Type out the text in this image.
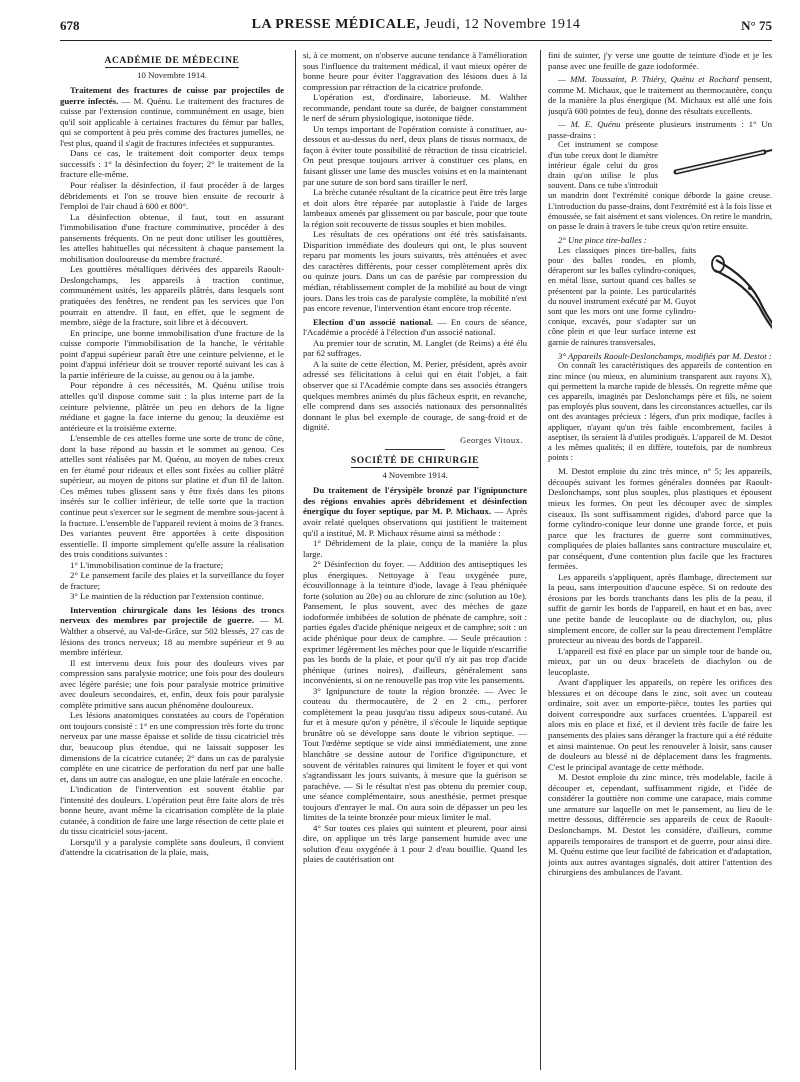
678	LA PRESSE MÉDICALE, Jeudi, 12 Novembre 1914	N° 75
ACADÉMIE DE MÉDECINE

10 Novembre 1914.

Traitement des fractures de cuisse par projectiles de guerre infectés. — M. Quénu. Le traitement des fractures de cuisse par l'extension continue, communément en usage, bien qu'il soit applicable à certaines fractures du fémur par balles, qui se comportent à peu près comme des fractures jumelles, ne l'est plus, quand il s'agit de fractures infectées et suppurantes.

Dans ce cas, le traitement doit comporter deux temps successifs : 1° la désinfection du foyer; 2° le traitement de la fracture elle-même.

Pour réaliser la désinfection, il faut procéder à de larges débridements et l'on se trouve bien ensuite de recourir à l'emploi de l'air chaud à 600 et 800°.

La désinfection obtenue, il faut, tout en assurant l'immobilisation d'une fracture comminutive, procéder à des pansements fréquents. On ne peut donc utiliser les gouttières, les attelles habituelles qui nécessitent à chaque pansement la mobilisation douloureuse du membre fracturé.

Les gouttières métalliques dérivées des appareils Raoult-Deslongchamps, les appareils à traction continue, communément usités, les appareils plâtrés, dans lesquels sont pratiquées des fenêtres, ne rendent pas les services que l'on pourrait en attendre. Il faut, en effet, que le segment de membre, siège de la fracture, soit libre et à découvert.

En principe, une bonne immobilisation d'une fracture de la cuisse comporte l'immobilisation de la hanche, le véritable point d'appui supérieur paraît être une ceinture pelvienne, et le point d'appui inférieur doit se trouver reporté suivant les cas à la partie inférieure de la cuisse, au genou ou à la jambe.

Pour répondre à ces nécessités, M. Quénu utilise trois attelles qu'il dispose comme suit : la plus interne part de la ceinture pelvienne, plâtrée un peu en dehors de la ligne médiane et gagne la face interne du genou; la deuxième est antérieure et la troisième externe.

L'ensemble de ces attelles forme une sorte de tronc de cône, dont la base répond au bassin et le sommet au genou. Ces attelles sont réalisées par M. Quénu, au moyen de tubes creux en fer étamé pour rideaux et elles sont fixées au collier plâtré supérieur, au moyen de pitons sur platine et d'un fil de laiton. Ces mêmes tubes glissent sans y être fixés dans les pitons insérés sur le collier inférieur, de telle sorte que la traction continue peut s'exercer sur le segment de membre sous-jacent à la fracture. L'ensemble de l'appareil revient à moins de 3 francs. Des variantes peuvent être apportées à cette disposition essentielle. Il importe simplement qu'elle assure la réalisation des trois conditions suivantes :

1° L'immobilisation continue de la fracture;

2° Le pansement facile des plaies et la surveillance du foyer de fracture;

3° Le maintien de la réduction par l'extension continue.

Intervention chirurgicale dans les lésions des troncs nerveux des membres par projectile de guerre. — M. Walther a observé, au Val-de-Grâce, sur 502 blessés, 27 cas de lésions des troncs nerveux; 18 au membre supérieur et 9 au membre inférieur.

Il est intervenu deux fois pour des douleurs vives par compression sans paralysie motrice; une fois pour des douleurs avec légère parésie; une fois pour paralysie motrice primitive avec douleurs secondaires, et, enfin, deux fois pour paralysie complète primitive sans aucun phénomène douloureux.

Les lésions anatomiques constatées au cours de l'opération ont toujours consisté : 1° en une compression très forte du tronc nerveux par une masse épaisse et solide de tissu cicatriciel très dur, beaucoup plus étendue, qui ne laissait supposer les dimensions de la cicatrice cutanée; 2° dans un cas de paralysie complète en une cicatrice de perforation du nerf par une balle et, dans un autre cas analogue, en une plaie latérale en encoche.

L'indication de l'intervention est souvent établie par l'intensité des douleurs. L'opération peut être faite alors de très bonne heure, avant même la cicatrisation complète de la plaie cutanée, à condition de faire une large résection de cette plaie et du tissu cicatriciel sous-jacent.

Lorsqu'il y a paralysie complète sans douleurs, il convient d'attendre la cicatrisation de la plaie, mais,

si, à ce moment, on n'observe aucune tendance à l'amélioration sous l'influence du traitement médical, il vaut mieux opérer de bonne heure pour éviter l'aggravation des lésions dues à la compression par rétraction de la cicatrice profonde.

L'opération est, d'ordinaire, laborieuse. M. Walther recommande, pendant toute sa durée, de baigner constamment le nerf de sérum physiologique, isotonique tiède.

Un temps important de l'opération consiste à constituer, au-dessous et au-dessus du nerf, deux plans de tissus normaux, de façon à éviter toute possibilité de rétraction de tissu cicatriciel. On peut presque toujours arriver à constituer ces plans, en faisant glisser une lame des muscles voisins et en la maintenant par une suture de son bord sans tirailler le nerf.

La brèche cutanée résultant de la cicatrice peut être très large et doit alors être réparée par autoplastie à l'aide de larges lambeaux amenés par glissement ou par bascule, pour que toute la région soit recouverte de tissus souples et bien mobiles.

Les résultats de ces opérations ont été très satisfaisants. Disparition immédiate des douleurs qui ont, le plus souvent reparu par moments les jours suivants, très atténuées et avec des caractères différents, pour cesser complètement après dix ou quinze jours. Dans un cas de parésie par compression du médian, rétablissement complet de la mobilité au bout de vingt jours. Dans les trois cas de paralysie complète, la mobilité n'est pas encore revenue, l'intervention étant encore trop récente.

Election d'un associé national. — En cours de séance, l'Académie a procédé à l'élection d'un associé national.

Au premier tour de scrutin, M. Langlet (de Reims) a été élu par 62 suffrages.

A la suite de cette élection, M. Perier, président, après avoir adressé ses félicitations à celui qui en était l'objet, a fait observer que si l'Académie compte dans ses associés étrangers quelques membres animés du plus fâcheux esprit, en revanche, elle comprend dans ses associés nationaux des personnalités donnant le plus bel exemple de courage, de sang-froid et de dignité.

Georges Vitoux.

SOCIÉTÉ DE CHIRURGIE

4 Novembre 1914.

Du traitement de l'érysipèle bronzé par l'ignipuncture des régions envahies après débridement et désinfection énergique du foyer septique, par M. P. Michaux. — Après avoir relaté quelques observations qui justifient le traitement qu'il a institué, M. P. Michaux résume ainsi sa méthode :

1° Débridement de la plaie, conçu de la manière la plus large.

2° Désinfection du foyer. — Addition des antiseptiques les plus énergiques. Nettoyage à l'eau oxygénée pure, écouvillonnage à la teinture d'iode, lavage à l'eau phéniquée forte (solution au 20e) ou au chlorure de zinc (solution au 10e). Pansement, le plus souvent, avec des mèches de gaze iodoformée imbibées de solution de phénate de camphre, soit : parties égales d'acide phénique neigeux et de camphre; soit : un acide phénique pour deux de camphre. — Seule précaution : exprimer légèrement les mèches pour que le liquide n'escarrifie pas les bords de la plaie, et pour qu'il n'y ait pas trop d'acide phénique (urines noires), d'ailleurs, généralement sans inconvénients, si on ne renouvelle pas trop vite les pansements.

3° Ignipuncture de toute la région bronzée. — Avec le couteau du thermocautère, de 2 en 2 cm., perforer complètement la peau jusqu'au tissu adipeux sous-cutané. Au fur et à mesure qu'on y pénètre, il s'écoule le liquide septique brunâtre où se développe sans doute le vibrion septique. — Tout l'œdème septique se vide ainsi immédiatement, une zone blanchâtre se dessine autour de l'orifice d'ignipuncture, et souvent de véritables rainures qui limitent le foyer et qui vont s'agrandissant les jours suivants, à mesure que la guérison se parachève. — Si le résultat n'est pas obtenu du premier coup, une séance complémentaire, sous anesthésie, permet presque toujours d'enrayer le mal. On aura soin de dépasser un peu les limites de la teinte bronzée pour mieux limiter le mal.

4° Sur toutes ces plaies qui suintent et pleurent, pour ainsi dire, on applique un très large pansement humide avec une solution d'eau oxygénée à 1 pour 2 d'eau bouillie. Quand les plaies de cautérisation ont

fini de suinter, j'y verse une goutte de teinture d'iode et je les panse avec une feuille de gaze iodoformée.

— MM. Toussaint, P. Thiéry, Quénu et Rochard pensent, comme M. Michaux, que le traitement au thermocautère, conçu de la manière la plus énergique (M. Michaux est allé une fois jusqu'à 600 pointes de feu), donne des résultats excellents.

— M. E. Quénu présente plusieurs instruments : 1° Un passe-drains :

Cet instrument se compose d'un tube creux dont le diamètre intérieur égale celui du gros drain qu'on utilise le plus souvent. Dans ce tube s'introduit un mandrin dont l'extrémité conique déborde la gaine creuse. L'introduction du passe-drains, dont l'extrémité est à la fois lisse et émoussée, se fait aisément et sans violences. On retire le mandrin, on passe le drain à travers le tube creux qu'on retire ensuite.

2° Une pince tire-balles :

Les classiques pinces tire-balles, faits pour des balles rondes, en plomb, déraperont sur les balles cylindro-coniques, en métal lisse, surtout quand ces balles se présentent par la pointe. Les particularités du nouvel instrument exécuté par M. Guyot sont que les mors ont une forme cylindro-conique, excavés, pour s'adapter sur un cône plein et que leur surface interne est garnie de rainures transversales.

3° Appareils Raoult-Deslonchamps, modifiés par M. Destot :

On connaît les caractéristiques des appareils de contention en zinc mince (ou mieux, en aluminium transparent aux rayons X), qui permettent la marche rapide de blessés. On regrette même que ces appareils, imaginés par Deslonchamps père et fils, ne soient pas employés plus souvent, dans les circonstances actuelles, car ils ont des avantages précieux : légers, d'un prix modique, faciles à appliquer, n'ayant qu'un très faible encombrement, faciles à aseptiser, ils seraient là d'utiles prodigués. L'appareil de M. Destot a les mêmes qualités; il en diffère, toutefois, par de nombreux points :

M. Destot emploie du zinc très mince, n° 5; les appareils, découpés suivant les formes générales données par Raoult-Deslonchamps, sont plus souples, plus plastiques et épousent mieux les formes. On peut les découper avec de simples ciseaux. Ils sont suffisamment rigides, d'abord parce que la forme cylindro-conique leur donne une grande force, et puis parce que les fractures de guerre sont comminutives, compliquées de plaies ballantes sans contracture musculaire et, par conséquent, d'une contention plus facile que les fractures fermées.

Les appareils s'appliquent, après flambage, directement sur la peau, sans interposition d'aucune espèce. Si on redoute des érosions par les bords tranchants dans les plis de la peau, il suffit de garnir les bords de l'appareil, en haut et en bas, avec une petite bande de leucoplaste ou de diachylon, ou, plus simplement encore, de coller sur la peau directement l'emplâtre protecteur au niveau des bords de l'appareil.

L'appareil est fixé en place par un simple tour de bande ou, mieux, par un ou deux bracelets de diachylon ou de leucoplaste.

Avant d'appliquer les appareils, on repère les orifices des blessures et on découpe dans le zinc, soit avec un couteau ordinaire, soit avec un emporte-pièce, toutes les parties qui doivent correspondre aux surfaces cruentées. L'appareil est alors mis en place et fixé, et il devient très facile de faire les pansements des plaies sans déranger la fracture qui a été réduite et ainsi maintenue. On peut les renouveler à loisir, sans causer de douleurs au blessé ni de déplacement dans les fragments. C'est le principal avantage de cette méthode.

M. Destot emploie du zinc mince, très modelable, facile à découper et, cependant, suffisamment rigide, et l'idée de considérer la gouttière non comme une carapace, mais comme une armature sur laquelle on met le pansement, au lieu de le mettre dessous, différencie ses appareils de ceux de Raoult-Deslonchamps. M. Destot les considère, d'ailleurs, comme appareils temporaires de transport et de guerre, pour ainsi dire. M. Quénu estime que leur facilité de fabrication et d'adaptation, joints aux autres avantages signalés, doit attirer l'attention des chirurgiens des ambulances de l'avant.
